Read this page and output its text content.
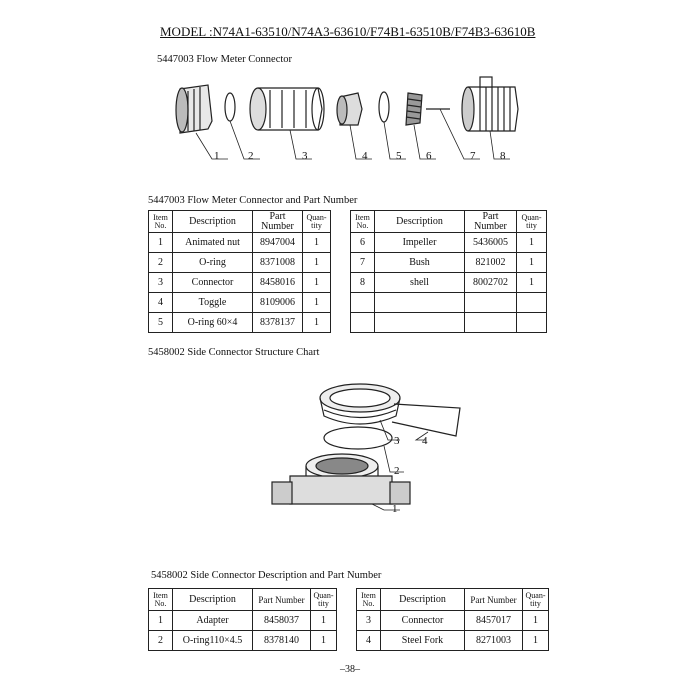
MODEL :N74A1-63510/N74A3-63610/F74B1-63510B/F74B3-63610B
5447003 Flow Meter Connector
1	2	3	4	5 6	7 8
5447003 Flow Meter Connector and Part Number
Item
No.	Description	Part
Number	Quan-
tity		Item
No.	Description	Part
Number	Quan-
tity
1	Animated nut	8947004	1		6	Impeller	5436005	1
2	O-ring	8371008	1		7	Bush	821002	1
3	Connector	8458016	1		8	shell	8002702	1
4	Toggle	8109006	1					
5	O-ring 60×4	8378137	1					
5458002 Side Connector Structure Chart
1
2
3 4
5458002 Side Connector Description and Part Number
Item
No.	Description	Part Number	Quan-
tity		Item
No.	Description	Part Number	Quan-
tity
1	Adapter	8458037	1		3	Connector	8457017	1
2	O-ring110×4.5	8378140	1		4	Steel Fork	8271003	1
–38–
